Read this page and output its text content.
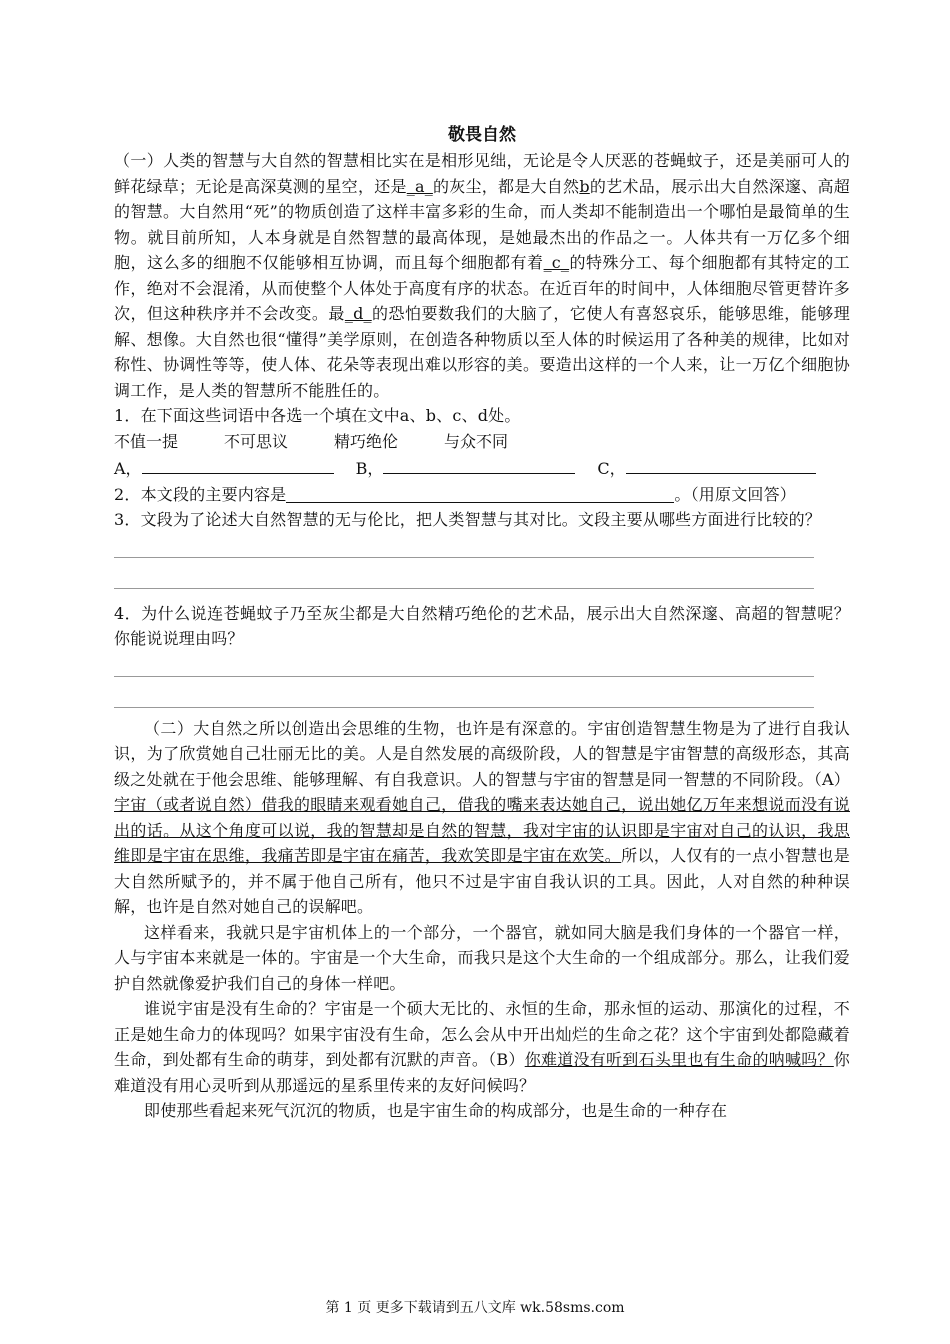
敬畏自然

（一）人类的智慧与大自然的智慧相比实在是相形见绌，无论是令人厌恶的苍蝇蚊子，还是美丽可人的鲜花绿草；无论是高深莫测的星空，还是_a_的灰尘，都是大自然b的艺术品，展示出大自然深邃、高超的智慧。大自然用“死”的物质创造了这样丰富多彩的生命，而人类却不能制造出一个哪怕是最简单的生物。就目前所知，人本身就是自然智慧的最高体现，是她最杰出的作品之一。人体共有一万亿多个细胞，这么多的细胞不仅能够相互协调，而且每个细胞都有着_c_的特殊分工、每个细胞都有其特定的工作，绝对不会混淆，从而使整个人体处于高度有序的状态。在近百年的时间中，人体细胞尽管更替许多次，但这种秩序并不会改变。最_d_的恐怕要数我们的大脑了，它使人有喜怒哀乐，能够思维，能够理解、想像。大自然也很“懂得”美学原则，在创造各种物质以至人体的时候运用了各种美的规律，比如对称性、协调性等等，使人体、花朵等表现出难以形容的美。要造出这样的一个人来，让一万亿个细胞协调工作，是人类的智慧所不能胜任的。

1．在下面这些词语中各选一个填在文中a、b、c、d处。

不值一提	不可思议	精巧绝伦	与众不同
A，	B，	C，

2．本文段的主要内容是	。（用原文回答）

3．文段为了论述大自然智慧的无与伦比，把人类智慧与其对比。文段主要从哪些方面进行比较的？

4．为什么说连苍蝇蚊子乃至灰尘都是大自然精巧绝伦的艺术品，展示出大自然深邃、高超的智慧呢？你能说说理由吗？

（二）大自然之所以创造出会思维的生物，也许是有深意的。宇宙创造智慧生物是为了进行自我认识，为了欣赏她自己壮丽无比的美。人是自然发展的高级阶段，人的智慧是宇宙智慧的高级形态，其高级之处就在于他会思维、能够理解、有自我意识。人的智慧与宇宙的智慧是同一智慧的不同阶段。（A）宇宙（或者说自然）借我的眼睛来观看她自己，借我的嘴来表达她自己，说出她亿万年来想说而没有说出的话。从这个角度可以说，我的智慧却是自然的智慧，我对宇宙的认识即是宇宙对自己的认识，我思维即是宇宙在思维，我痛苦即是宇宙在痛苦，我欢笑即是宇宙在欢笑。所以，人仅有的一点小智慧也是大自然所赋予的，并不属于他自己所有，他只不过是宇宙自我认识的工具。因此，人对自然的种种误解，也许是自然对她自己的误解吧。

这样看来，我就只是宇宙机体上的一个部分，一个器官，就如同大脑是我们身体的一个器官一样，人与宇宙本来就是一体的。宇宙是一个大生命，而我只是这个大生命的一个组成部分。那么，让我们爱护自然就像爱护我们自己的身体一样吧。

谁说宇宙是没有生命的？宇宙是一个硕大无比的、永恒的生命，那永恒的运动、那演化的过程，不正是她生命力的体现吗？如果宇宙没有生命，怎么会从中开出灿烂的生命之花？这个宇宙到处都隐藏着生命，到处都有生命的萌芽，到处都有沉默的声音。（B）你难道没有听到石头里也有生命的呐喊吗？你难道没有用心灵听到从那遥远的星系里传来的友好问候吗？

即使那些看起来死气沉沉的物质，也是宇宙生命的构成部分，也是生命的一种存在

第 1 页 更多下载请到五八文库 wk.58sms.com
